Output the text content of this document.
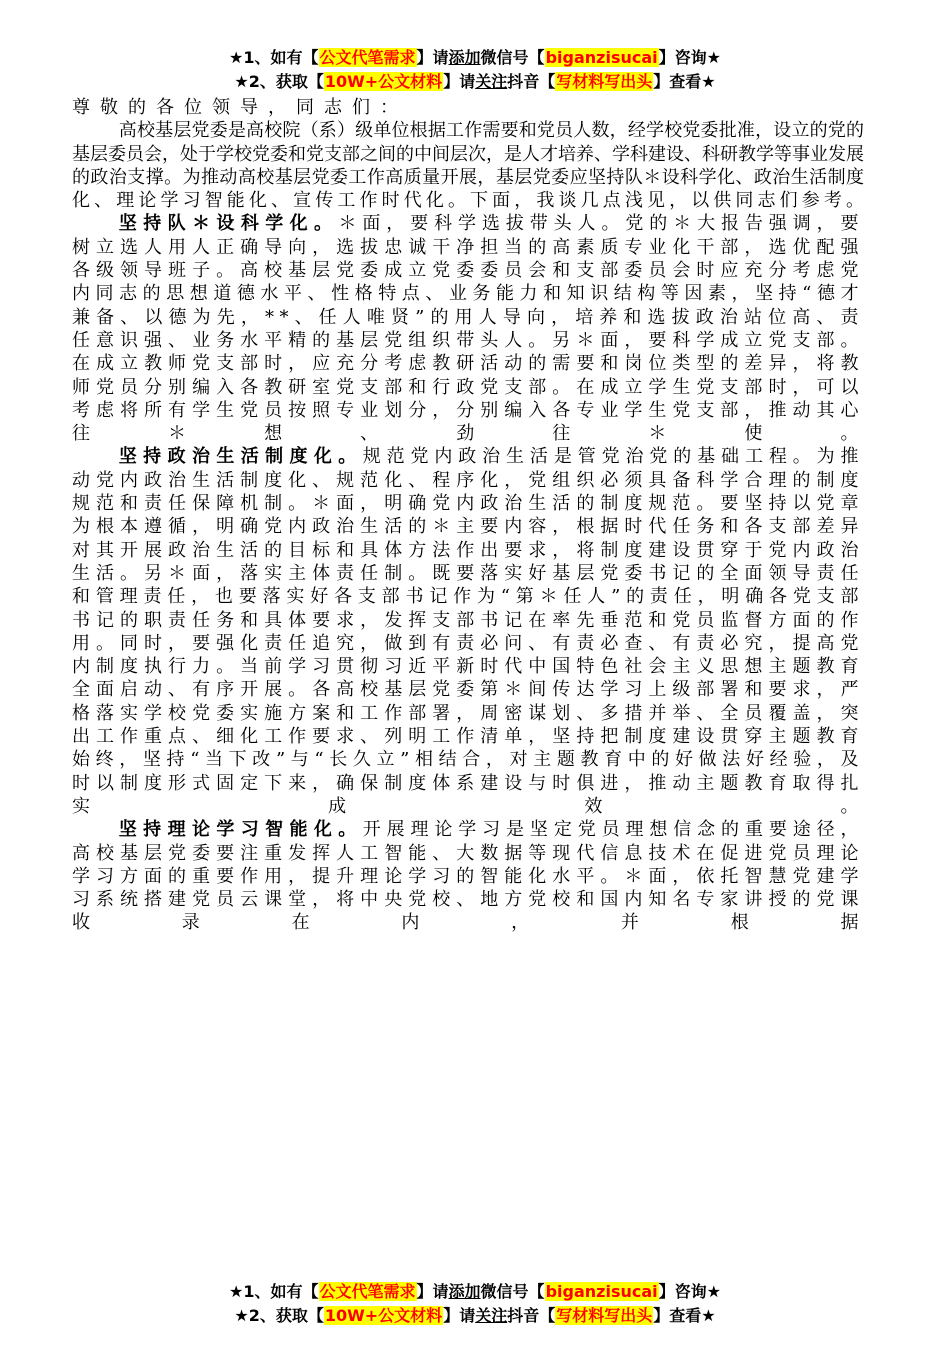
★1、如有【公文代笔需求】请添加微信号【biganzisucai】咨询★
★2、获取【10W+公文材料】请关注抖音【写材料写出头】查看★

尊敬的各位领导，同志们：

高校基层党委是高校院（系）级单位根据工作需要和党员人数，经学校党委批准，设立的党的基层委员会，处于学校党委和党支部之间的中间层次，是人才培养、学科建设、科研教学等事业发展的政治支撑。为推动高校基层党委工作高质量开展，基层党委应坚持队＊设科学化、政治生活制度化、理论学习智能化、宣传工作时代化。下面，我谈几点浅见，以供同志们参考。

坚持队＊设科学化。＊面，要科学选拔带头人。党的＊大报告强调，要树立选人用人正确导向，选拔忠诚干净担当的高素质专业化干部，选优配强各级领导班子。高校基层党委成立党委委员会和支部委员会时应充分考虑党内同志的思想道德水平、性格特点、业务能力和知识结构等因素，坚持“德才兼备、以德为先，**、任人唯贤”的用人导向，培养和选拔政治站位高、责任意识强、业务水平精的基层党组织带头人。另＊面，要科学成立党支部。在成立教师党支部时，应充分考虑教研活动的需要和岗位类型的差异，将教师党员分别编入各教研室党支部和行政党支部。在成立学生党支部时，可以考虑将所有学生党员按照专业划分，分别编入各专业学生党支部，推动其心往＊想、劲往＊使。

坚持政治生活制度化。规范党内政治生活是管党治党的基础工程。为推动党内政治生活制度化、规范化、程序化，党组织必须具备科学合理的制度规范和责任保障机制。＊面，明确党内政治生活的制度规范。要坚持以党章为根本遵循，明确党内政治生活的＊主要内容，根据时代任务和各支部差异对其开展政治生活的目标和具体方法作出要求，将制度建设贯穿于党内政治生活。另＊面，落实主体责任制。既要落实好基层党委书记的全面领导责任和管理责任，也要落实好各支部书记作为“第＊任人”的责任，明确各党支部书记的职责任务和具体要求，发挥支部书记在率先垂范和党员监督方面的作用。同时，要强化责任追究，做到有责必问、有责必查、有责必究，提高党内制度执行力。当前学习贯彻习近平新时代中国特色社会主义思想主题教育全面启动、有序开展。各高校基层党委第＊间传达学习上级部署和要求，严格落实学校党委实施方案和工作部署，周密谋划、多措并举、全员覆盖，突出工作重点、细化工作要求、列明工作清单，坚持把制度建设贯穿主题教育始终，坚持“当下改”与“长久立”相结合，对主题教育中的好做法好经验，及时以制度形式固定下来，确保制度体系建设与时俱进，推动主题教育取得扎实成效。

坚持理论学习智能化。开展理论学习是坚定党员理想信念的重要途径，高校基层党委要注重发挥人工智能、大数据等现代信息技术在促进党员理论学习方面的重要作用，提升理论学习的智能化水平。＊面，依托智慧党建学习系统搭建党员云课堂，将中央党校、地方党校和国内知名专家讲授的党课收录在内，并根据

★1、如有【公文代笔需求】请添加微信号【biganzisucai】咨询★
★2、获取【10W+公文材料】请关注抖音【写材料写出头】查看★
